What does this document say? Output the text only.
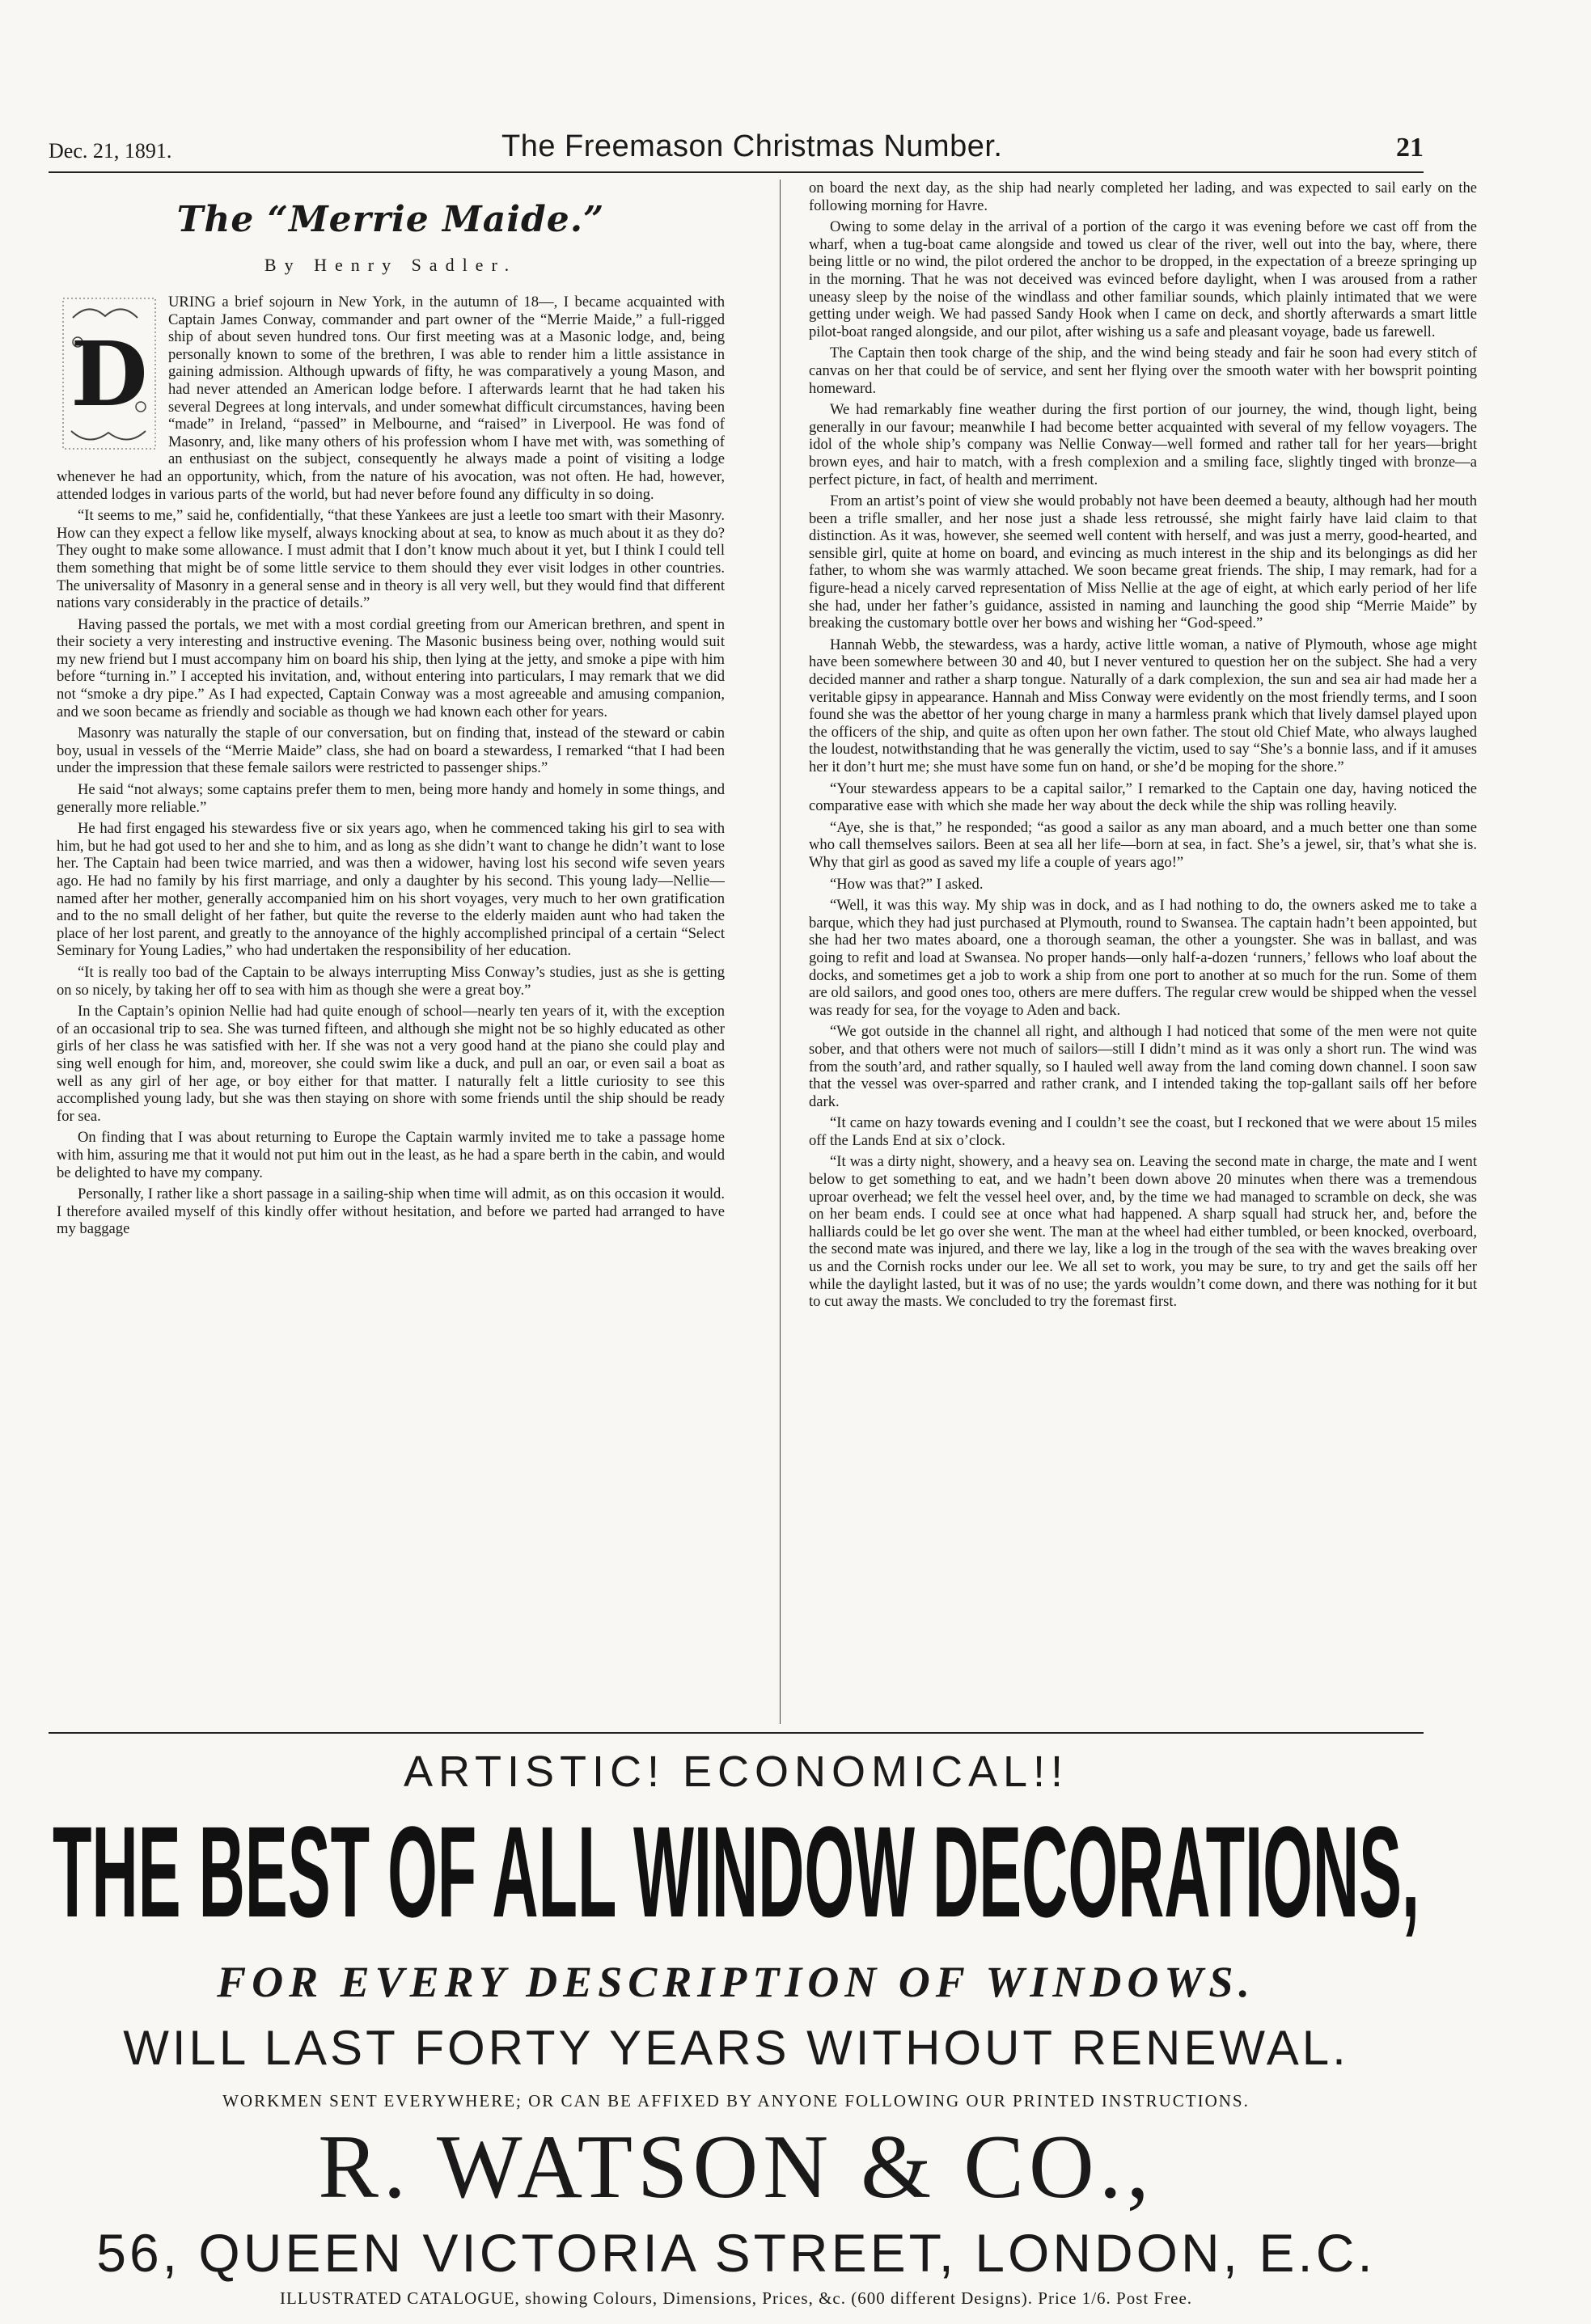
Dec. 21, 1891.	The Freemason Christmas Number.	21
The “Merrie Maide.”
By Henry Sadler.
D

URING a brief sojourn in New York, in the autumn of 18—, I became acquainted with Captain James Conway, commander and part owner of the “Merrie Maide,” a full-rigged ship of about seven hundred tons. Our first meeting was at a Masonic lodge, and, being personally known to some of the brethren, I was able to render him a little assistance in gaining admission. Although upwards of fifty, he was comparatively a young Mason, and had never attended an American lodge before. I afterwards learnt that he had taken his several Degrees at long intervals, and under somewhat difficult circumstances, having been “made” in Ireland, “passed” in Melbourne, and “raised” in Liverpool. He was fond of Masonry, and, like many others of his profession whom I have met with, was something of an enthusiast on the subject, consequently he always made a point of visiting a lodge whenever he had an opportunity, which, from the nature of his avocation, was not often. He had, however, attended lodges in various parts of the world, but had never before found any difficulty in so doing.

“It seems to me,” said he, confidentially, “that these Yankees are just a leetle too smart with their Masonry. How can they expect a fellow like myself, always knocking about at sea, to know as much about it as they do? They ought to make some allowance. I must admit that I don’t know much about it yet, but I think I could tell them something that might be of some little service to them should they ever visit lodges in other countries. The universality of Masonry in a general sense and in theory is all very well, but they would find that different nations vary considerably in the practice of details.”

Having passed the portals, we met with a most cordial greeting from our American brethren, and spent in their society a very interesting and instructive evening. The Masonic business being over, nothing would suit my new friend but I must accompany him on board his ship, then lying at the jetty, and smoke a pipe with him before “turning in.” I accepted his invitation, and, without entering into particulars, I may remark that we did not “smoke a dry pipe.” As I had expected, Captain Conway was a most agreeable and amusing companion, and we soon became as friendly and sociable as though we had known each other for years.

Masonry was naturally the staple of our conversation, but on finding that, instead of the steward or cabin boy, usual in vessels of the “Merrie Maide” class, she had on board a stewardess, I remarked “that I had been under the impression that these female sailors were restricted to passenger ships.”

He said “not always; some captains prefer them to men, being more handy and homely in some things, and generally more reliable.”

He had first engaged his stewardess five or six years ago, when he commenced taking his girl to sea with him, but he had got used to her and she to him, and as long as she didn’t want to change he didn’t want to lose her. The Captain had been twice married, and was then a widower, having lost his second wife seven years ago. He had no family by his first marriage, and only a daughter by his second. This young lady—Nellie—named after her mother, generally accompanied him on his short voyages, very much to her own gratification and to the no small delight of her father, but quite the reverse to the elderly maiden aunt who had taken the place of her lost parent, and greatly to the annoyance of the highly accomplished principal of a certain “Select Seminary for Young Ladies,” who had undertaken the responsibility of her education.

“It is really too bad of the Captain to be always interrupting Miss Conway’s studies, just as she is getting on so nicely, by taking her off to sea with him as though she were a great boy.”

In the Captain’s opinion Nellie had had quite enough of school—nearly ten years of it, with the exception of an occasional trip to sea. She was turned fifteen, and although she might not be so highly educated as other girls of her class he was satisfied with her. If she was not a very good hand at the piano she could play and sing well enough for him, and, moreover, she could swim like a duck, and pull an oar, or even sail a boat as well as any girl of her age, or boy either for that matter. I naturally felt a little curiosity to see this accomplished young lady, but she was then staying on shore with some friends until the ship should be ready for sea.

On finding that I was about returning to Europe the Captain warmly invited me to take a passage home with him, assuring me that it would not put him out in the least, as he had a spare berth in the cabin, and would be delighted to have my company.

Personally, I rather like a short passage in a sailing-ship when time will admit, as on this occasion it would. I therefore availed myself of this kindly offer without hesitation, and before we parted had arranged to have my baggage

on board the next day, as the ship had nearly completed her lading, and was expected to sail early on the following morning for Havre.

Owing to some delay in the arrival of a portion of the cargo it was evening before we cast off from the wharf, when a tug-boat came alongside and towed us clear of the river, well out into the bay, where, there being little or no wind, the pilot ordered the anchor to be dropped, in the expectation of a breeze springing up in the morning. That he was not deceived was evinced before daylight, when I was aroused from a rather uneasy sleep by the noise of the windlass and other familiar sounds, which plainly intimated that we were getting under weigh. We had passed Sandy Hook when I came on deck, and shortly afterwards a smart little pilot-boat ranged alongside, and our pilot, after wishing us a safe and pleasant voyage, bade us farewell.

The Captain then took charge of the ship, and the wind being steady and fair he soon had every stitch of canvas on her that could be of service, and sent her flying over the smooth water with her bowsprit pointing homeward.

We had remarkably fine weather during the first portion of our journey, the wind, though light, being generally in our favour; meanwhile I had become better acquainted with several of my fellow voyagers. The idol of the whole ship’s company was Nellie Conway—well formed and rather tall for her years—bright brown eyes, and hair to match, with a fresh complexion and a smiling face, slightly tinged with bronze—a perfect picture, in fact, of health and merriment.

From an artist’s point of view she would probably not have been deemed a beauty, although had her mouth been a trifle smaller, and her nose just a shade less retroussé, she might fairly have laid claim to that distinction. As it was, however, she seemed well content with herself, and was just a merry, good-hearted, and sensible girl, quite at home on board, and evincing as much interest in the ship and its belongings as did her father, to whom she was warmly attached. We soon became great friends. The ship, I may remark, had for a figure-head a nicely carved representation of Miss Nellie at the age of eight, at which early period of her life she had, under her father’s guidance, assisted in naming and launching the good ship “Merrie Maide” by breaking the customary bottle over her bows and wishing her “God-speed.”

Hannah Webb, the stewardess, was a hardy, active little woman, a native of Plymouth, whose age might have been somewhere between 30 and 40, but I never ventured to question her on the subject. She had a very decided manner and rather a sharp tongue. Naturally of a dark complexion, the sun and sea air had made her a veritable gipsy in appearance. Hannah and Miss Conway were evidently on the most friendly terms, and I soon found she was the abettor of her young charge in many a harmless prank which that lively damsel played upon the officers of the ship, and quite as often upon her own father. The stout old Chief Mate, who always laughed the loudest, notwithstanding that he was generally the victim, used to say “She’s a bonnie lass, and if it amuses her it don’t hurt me; she must have some fun on hand, or she’d be moping for the shore.”

“Your stewardess appears to be a capital sailor,” I remarked to the Captain one day, having noticed the comparative ease with which she made her way about the deck while the ship was rolling heavily.

“Aye, she is that,” he responded; “as good a sailor as any man aboard, and a much better one than some who call themselves sailors. Been at sea all her life—born at sea, in fact. She’s a jewel, sir, that’s what she is. Why that girl as good as saved my life a couple of years ago!”

“How was that?” I asked.

“Well, it was this way. My ship was in dock, and as I had nothing to do, the owners asked me to take a barque, which they had just purchased at Plymouth, round to Swansea. The captain hadn’t been appointed, but she had her two mates aboard, one a thorough seaman, the other a youngster. She was in ballast, and was going to refit and load at Swansea. No proper hands—only half-a-dozen ‘runners,’ fellows who loaf about the docks, and sometimes get a job to work a ship from one port to another at so much for the run. Some of them are old sailors, and good ones too, others are mere duffers. The regular crew would be shipped when the vessel was ready for sea, for the voyage to Aden and back.

“We got outside in the channel all right, and although I had noticed that some of the men were not quite sober, and that others were not much of sailors—still I didn’t mind as it was only a short run. The wind was from the south’ard, and rather squally, so I hauled well away from the land coming down channel. I soon saw that the vessel was over-sparred and rather crank, and I intended taking the top-gallant sails off her before dark.

“It came on hazy towards evening and I couldn’t see the coast, but I reckoned that we were about 15 miles off the Lands End at six o’clock.

“It was a dirty night, showery, and a heavy sea on. Leaving the second mate in charge, the mate and I went below to get something to eat, and we hadn’t been down above 20 minutes when there was a tremendous uproar overhead; we felt the vessel heel over, and, by the time we had managed to scramble on deck, she was on her beam ends. I could see at once what had happened. A sharp squall had struck her, and, before the halliards could be let go over she went. The man at the wheel had either tumbled, or been knocked, overboard, the second mate was injured, and there we lay, like a log in the trough of the sea with the waves breaking over us and the Cornish rocks under our lee. We all set to work, you may be sure, to try and get the sails off her while the daylight lasted, but it was of no use; the yards wouldn’t come down, and there was nothing for it but to cut away the masts. We concluded to try the foremast first.

ARTISTIC! ECONOMICAL!!
THE BEST OF ALL WINDOW DECORATIONS,
FOR EVERY DESCRIPTION OF WINDOWS.
WILL LAST FORTY YEARS WITHOUT RENEWAL.
WORKMEN SENT EVERYWHERE; OR CAN BE AFFIXED BY ANYONE FOLLOWING OUR PRINTED INSTRUCTIONS.
R. WATSON & CO.,
56, QUEEN VICTORIA STREET, LONDON, E.C.
ILLUSTRATED CATALOGUE, showing Colours, Dimensions, Prices, &c. (600 different Designs). Price 1/6. Post Free.
